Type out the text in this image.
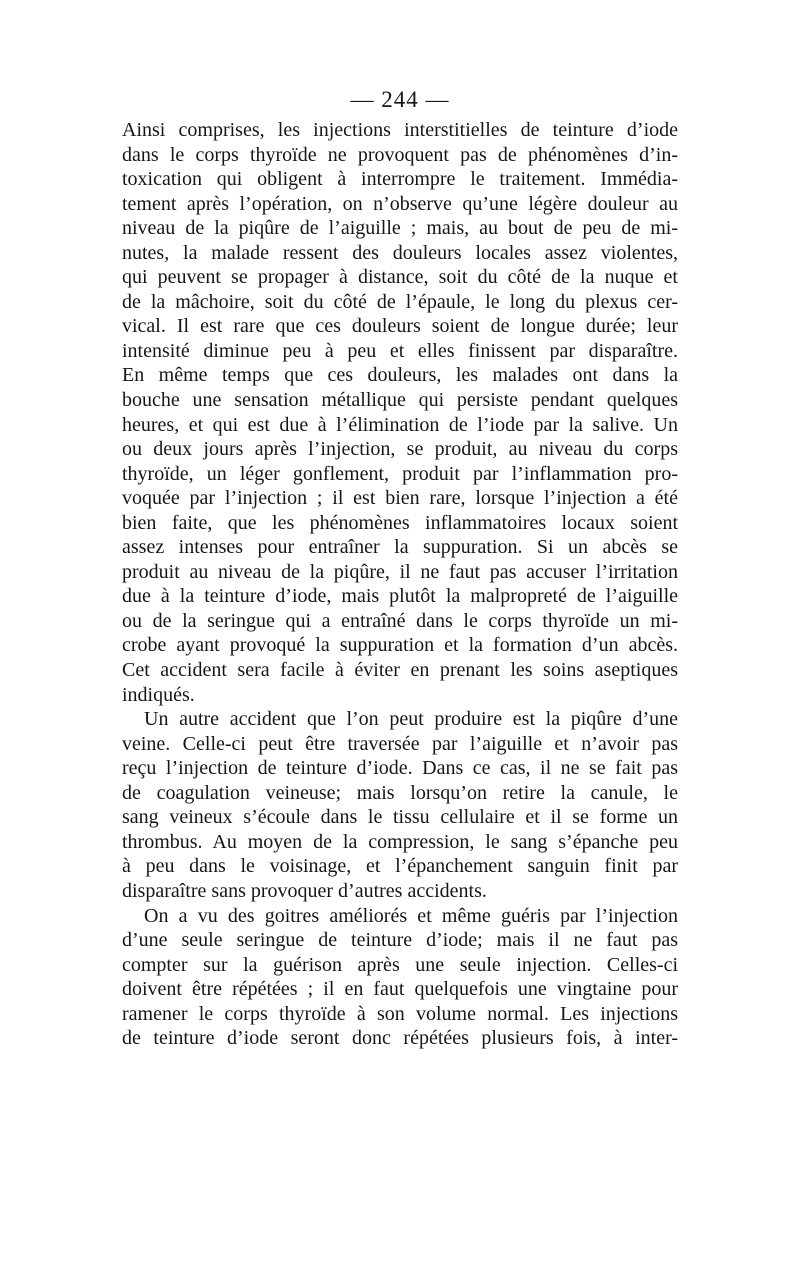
— 244 —
Ainsi comprises, les injections interstitielles de teinture d’iode
dans le corps thyroïde ne provoquent pas de phénomènes d’in-
toxication qui obligent à interrompre le traitement. Immédia-
tement après l’opération, on n’observe qu’une légère douleur au
niveau de la piqûre de l’aiguille ; mais, au bout de peu de mi-
nutes, la malade ressent des douleurs locales assez violentes,
qui peuvent se propager à distance, soit du côté de la nuque et
de la mâchoire, soit du côté de l’épaule, le long du plexus cer-
vical. Il est rare que ces douleurs soient de longue durée; leur
intensité diminue peu à peu et elles finissent par disparaître.
En même temps que ces douleurs, les malades ont dans la
bouche une sensation métallique qui persiste pendant quelques
heures, et qui est due à l’élimination de l’iode par la salive. Un
ou deux jours après l’injection, se produit, au niveau du corps
thyroïde, un léger gonflement, produit par l’inflammation pro-
voquée par l’injection ; il est bien rare, lorsque l’injection a été
bien faite, que les phénomènes inflammatoires locaux soient
assez intenses pour entraîner la suppuration. Si un abcès se
produit au niveau de la piqûre, il ne faut pas accuser l’irritation
due à la teinture d’iode, mais plutôt la malpropreté de l’aiguille
ou de la seringue qui a entraîné dans le corps thyroïde un mi-
crobe ayant provoqué la suppuration et la formation d’un abcès.
Cet accident sera facile à éviter en prenant les soins aseptiques
indiqués.
Un autre accident que l’on peut produire est la piqûre d’une
veine. Celle-ci peut être traversée par l’aiguille et n’avoir pas
reçu l’injection de teinture d’iode. Dans ce cas, il ne se fait pas
de coagulation veineuse; mais lorsqu’on retire la canule, le
sang veineux s’écoule dans le tissu cellulaire et il se forme un
thrombus. Au moyen de la compression, le sang s’épanche peu
à peu dans le voisinage, et l’épanchement sanguin finit par
disparaître sans provoquer d’autres accidents.
On a vu des goitres améliorés et même guéris par l’injection
d’une seule seringue de teinture d’iode; mais il ne faut pas
compter sur la guérison après une seule injection. Celles-ci
doivent être répétées ; il en faut quelquefois une vingtaine pour
ramener le corps thyroïde à son volume normal. Les injections
de teinture d’iode seront donc répétées plusieurs fois, à inter-
